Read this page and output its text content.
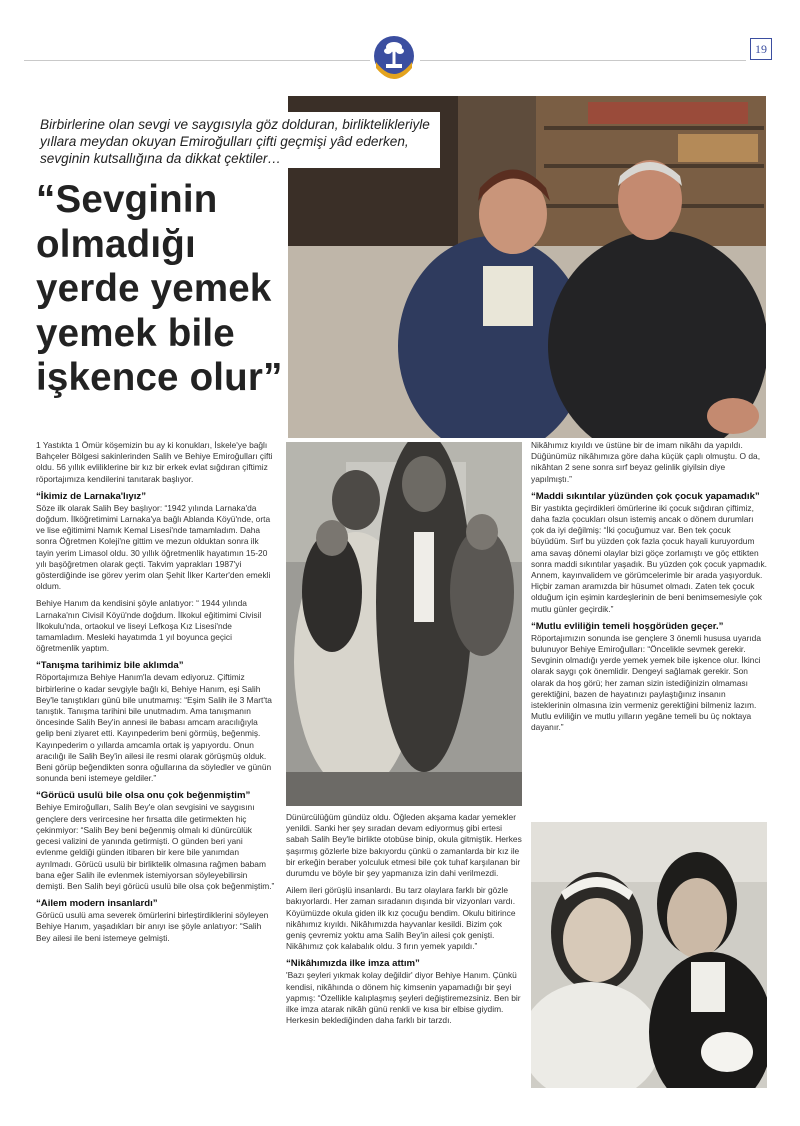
19

Birbirlerine olan sevgi ve saygısıyla göz dolduran, birliktelikleriyle yıllara meydan okuyan Emiroğulları çifti geçmişi yâd ederken, sevginin kutsallığına da dikkat çektiler…

“Sevginin olmadığı yerde yemek yemek bile işkence olur”

1 Yastıkta 1 Ömür köşemizin bu ay ki konukları, İskele'ye bağlı Bahçeler Bölgesi sakinlerinden Salih ve Behiye Emiroğulları çifti oldu. 56 yıllık evliliklerine bir kız bir erkek evlat sığdıran çiftimiz röportajımıza kendilerini tanıtarak başlıyor.

“İkimiz de Larnaka'lıyız”

Söze ilk olarak Salih Bey başlıyor: “1942 yılında Larnaka'da doğdum. İlköğretimimi Larnaka'ya bağlı Ablanda Köyü'nde, orta ve lise eğitimimi Namık Kemal Lisesi'nde tamamladım. Daha sonra Öğretmen Koleji'ne gittim ve mezun olduktan sonra ilk tayin yerim Limasol oldu. 30 yıllık öğretmenlik hayatımın 15-20 yılı başöğretmen olarak geçti. Takvim yaprakları 1987'yi gösterdiğinde ise görev yerim olan Şehit İlker Karter'den emekli oldum.

Behiye Hanım da kendisini şöyle anlatıyor: “ 1944 yılında Larnaka'nın Civisil Köyü'nde doğdum. İlkokul eğitimimi Civisil İlkokulu'nda, ortaokul ve liseyi Lefkoşa Kız Lisesi'nde tamamladım. Mesleki hayatımda 1 yıl boyunca geçici öğretmenlik yaptım.

“Tanışma tarihimiz bile aklımda”

Röportajımıza Behiye Hanım'la devam ediyoruz. Çiftimiz birbirlerine o kadar sevgiyle bağlı ki, Behiye Hanım, eşi Salih Bey'le tanıştıkları günü bile unutmamış: “Eşim Salih ile 3 Mart'ta tanıştık. Tanışma tarihini bile unutmadım. Ama tanışmanın öncesinde Salih Bey'in annesi ile babası amcam aracılığıyla gelip beni ziyaret etti. Kayınpederim beni görmüş, beğenmiş. Kayınpederim o yıllarda amcamla ortak iş yapıyordu. Onun aracılığı ile Salih Bey'in ailesi ile resmi olarak görüşmüş olduk. Beni görüp beğendikten sonra oğullarına da söyledler ve günün sonunda beni istemeye geldiler.”

“Görücü usulü bile olsa onu çok beğenmiştim”

Behiye Emiroğulları, Salih Bey'e olan sevgisini ve saygısını gençlere ders verircesine her fırsatta dile getirmekten hiç çekinmiyor: “Salih Bey beni beğenmiş olmalı ki dünürcülük gecesi valizini de yanında getirmişti. O günden beri yani evlenme geldiği günden itibaren bir kere bile yanımdan ayrılmadı. Görücü usulü bir birliktelik olmasına rağmen babam bana eğer Salih ile evlenmek istemiyorsan söyleyebilirsin demişti. Ben Salih beyi görücü usulü bile olsa çok beğenmiştim.”

“Ailem modern insanlardı”

Görücü usulü ama severek ömürlerini birleştirdiklerini söyleyen Behiye Hanım, yaşadıkları bir anıyı ise şöyle anlatıyor: “Salih Bey ailesi ile beni istemeye gelmişti.

Dünürcülüğüm gündüz oldu. Öğleden akşama kadar yemekler yenildi. Sanki her şey sıradan devam ediyormuş gibi ertesi sabah Salih Bey'le birlikte otobüse binip, okula gitmiştik. Herkes şaşırmış gözlerle bize bakıyordu çünkü o zamanlarda bir kız ile bir erkeğin beraber yolculuk etmesi bile çok tuhaf karşılanan bir durumdu ve böyle bir şey yapmanıza izin dahi verilmezdi.

Ailem ileri görüşlü insanlardı. Bu tarz olaylara farklı bir gözle bakıyorlardı. Her zaman sıradanın dışında bir vizyonları vardı. Köyümüzde okula giden ilk kız çocuğu bendim. Okulu bitirince nikâhımız kıyıldı. Nikâhımızda hayvanlar kesildi. Bizim çok geniş çevremiz yoktu ama Salih Bey'in ailesi çok genişti. Nikâhımız çok kalabalık oldu. 3 fırın yemek yapıldı.”

“Nikâhımızda ilke imza attım”

'Bazı şeyleri yıkmak kolay değildir' diyor Behiye Hanım. Çünkü kendisi, nikâhında o dönem hiç kimsenin yapamadığı bir şeyi yapmış: “Özellikle kalıplaşmış şeyleri değiştiremezsiniz. Ben bir ilke imza atarak nikâh günü renkli ve kısa bir elbise giydim. Herkesin beklediğinden daha farklı bir tarzdı.

Nikâhımız kıyıldı ve üstüne bir de imam nikâhı da yapıldı. Düğünümüz nikâhımıza göre daha küçük çaplı olmuştu. O da, nikâhtan 2 sene sonra sırf beyaz gelinlik giyilsin diye yapılmıştı.”

“Maddi sıkıntılar yüzünden çok çocuk yapamadık”

Bir yastıkta geçirdikleri ömürlerine iki çocuk sığdıran çiftimiz, daha fazla çocukları olsun istemiş ancak o dönem durumları çok da iyi değilmiş: “İki çocuğumuz var. Ben tek çocuk büyüdüm. Sırf bu yüzden çok fazla çocuk hayali kuruyordum ama savaş dönemi olaylar bizi göçe zorlamıştı ve göç ettikten sonra maddi sıkıntılar yaşadık. Bu yüzden çok çocuk yapmadık. Annem, kayınvalidem ve görümcelerimle bir arada yaşıyorduk. Hiçbir zaman aramızda bir hüsumet olmadı. Zaten tek çocuk olduğum için eşimin kardeşlerinin de beni benimsemesiyle çok mutlu günler geçirdik.”

“Mutlu evliliğin temeli hoşgörüden geçer.”

Röportajımızın sonunda ise gençlere 3 önemli hususa uyarıda bulunuyor Behiye Emiroğulları: “Öncelikle sevmek gerekir. Sevginin olmadığı yerde yemek yemek bile işkence olur. İkinci olarak saygı çok önemlidir. Dengeyi sağlamak gerekir. Son olarak da hoş görü; her zaman sizin istediğinizin olmaması gerektiğini, bazen de hayatınızı paylaştığınız insanın isteklerinin olmasına izin vermeniz gerektiğini bilmeniz lazım. Mutlu evliliğin ve mutlu yılların yegâne temeli bu üç noktaya dayanır.”
